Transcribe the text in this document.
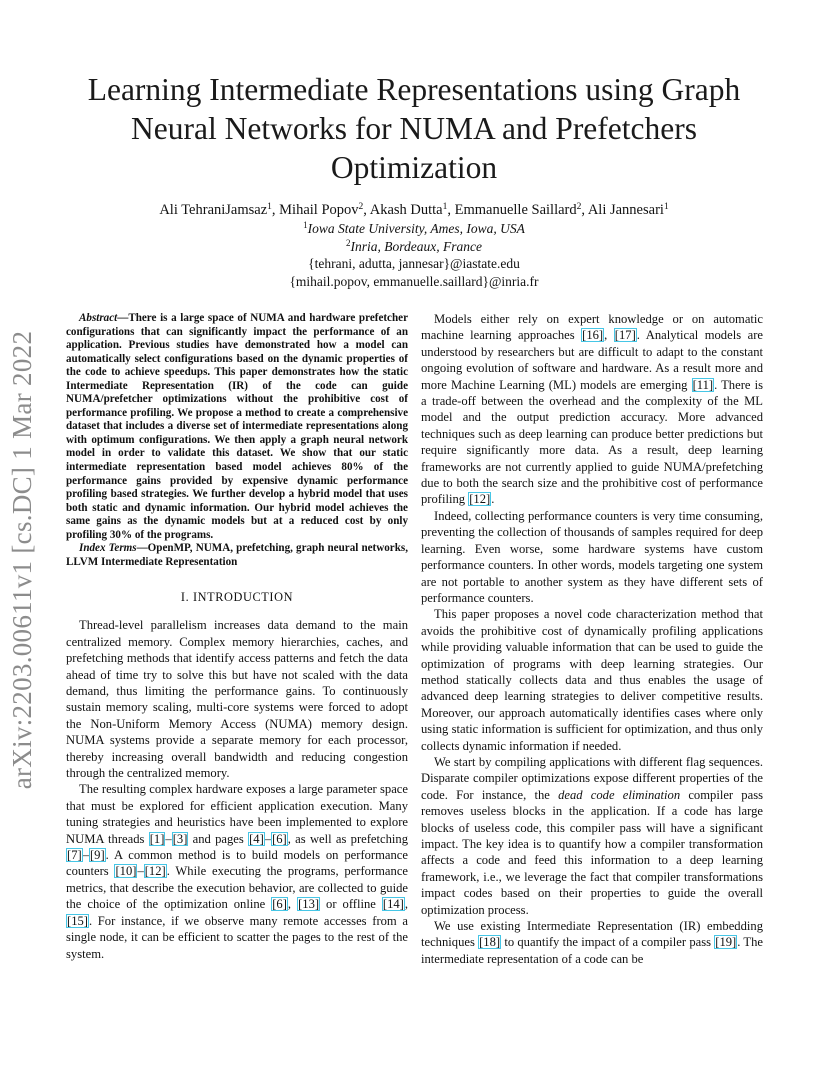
arXiv:2203.00611v1 [cs.DC] 1 Mar 2022
Learning Intermediate Representations using Graph
Neural Networks for NUMA and Prefetchers
Optimization
Ali TehraniJamsaz$^1$, Mihail Popov$^2$, Akash Dutta$^1$, Emmanuelle Saillard$^2$, Ali Jannesari$^1$
$^1$Iowa State University, Ames, Iowa, USA
$^2$Inria, Bordeaux, France
{tehrani, adutta, jannesar}@iastate.edu
{mihail.popov, emmanuelle.saillard}@inria.fr

Abstract—There is a large space of NUMA and hardware prefetcher configurations that can significantly impact the performance of an application. Previous studies have demonstrated how a model can automatically select configurations based on the dynamic properties of the code to achieve speedups. This paper demonstrates how the static Intermediate Representation (IR) of the code can guide NUMA/prefetcher optimizations without the prohibitive cost of performance profiling. We propose a method to create a comprehensive dataset that includes a diverse set of intermediate representations along with optimum configurations. We then apply a graph neural network model in order to validate this dataset. We show that our static intermediate representation based model achieves 80% of the performance gains provided by expensive dynamic performance profiling based strategies. We further develop a hybrid model that uses both static and dynamic information. Our hybrid model achieves the same gains as the dynamic models but at a reduced cost by only profiling 30% of the programs.

Index Terms—OpenMP, NUMA, prefetching, graph neural networks, LLVM Intermediate Representation

I. INTRODUCTION

Thread-level parallelism increases data demand to the main centralized memory. Complex memory hierarchies, caches, and prefetching methods that identify access patterns and fetch the data ahead of time try to solve this but have not scaled with the data demand, thus limiting the performance gains. To continuously sustain memory scaling, multi-core systems were forced to adopt the Non-Uniform Memory Access (NUMA) memory design. NUMA systems provide a separate memory for each processor, thereby increasing overall bandwidth and reducing congestion through the centralized memory.

The resulting complex hardware exposes a large parameter space that must be explored for efficient application execution. Many tuning strategies and heuristics have been implemented to explore NUMA threads [1]–[3] and pages [4]–[6], as well as prefetching [7]–[9]. A common method is to build models on performance counters [10]–[12]. While executing the programs, performance metrics, that describe the execution behavior, are collected to guide the choice of the optimization online [6], [13] or offline [14], [15]. For instance, if we observe many remote accesses from a single node, it can be efficient to scatter the pages to the rest of the system.

Models either rely on expert knowledge or on automatic machine learning approaches [16], [17]. Analytical models are understood by researchers but are difficult to adapt to the constant ongoing evolution of software and hardware. As a result more and more Machine Learning (ML) models are emerging [11]. There is a trade-off between the overhead and the complexity of the ML model and the output prediction accuracy. More advanced techniques such as deep learning can produce better predictions but require significantly more data. As a result, deep learning frameworks are not currently applied to guide NUMA/prefetching due to both the search size and the prohibitive cost of performance profiling [12].

Indeed, collecting performance counters is very time consuming, preventing the collection of thousands of samples required for deep learning. Even worse, some hardware systems have custom performance counters. In other words, models targeting one system are not portable to another system as they have different sets of performance counters.

This paper proposes a novel code characterization method that avoids the prohibitive cost of dynamically profiling applications while providing valuable information that can be used to guide the optimization of programs with deep learning strategies. Our method statically collects data and thus enables the usage of advanced deep learning strategies to deliver competitive results. Moreover, our approach automatically identifies cases where only using static information is sufficient for optimization, and thus only collects dynamic information if needed.

We start by compiling applications with different flag sequences. Disparate compiler optimizations expose different properties of the code. For instance, the dead code elimination compiler pass removes useless blocks in the application. If a code has large blocks of useless code, this compiler pass will have a significant impact. The key idea is to quantify how a compiler transformation affects a code and feed this information to a deep learning framework, i.e., we leverage the fact that compiler transformations impact codes based on their properties to guide the overall optimization process.

We use existing Intermediate Representation (IR) embedding techniques [18] to quantify the impact of a compiler pass [19]. The intermediate representation of a code can be
